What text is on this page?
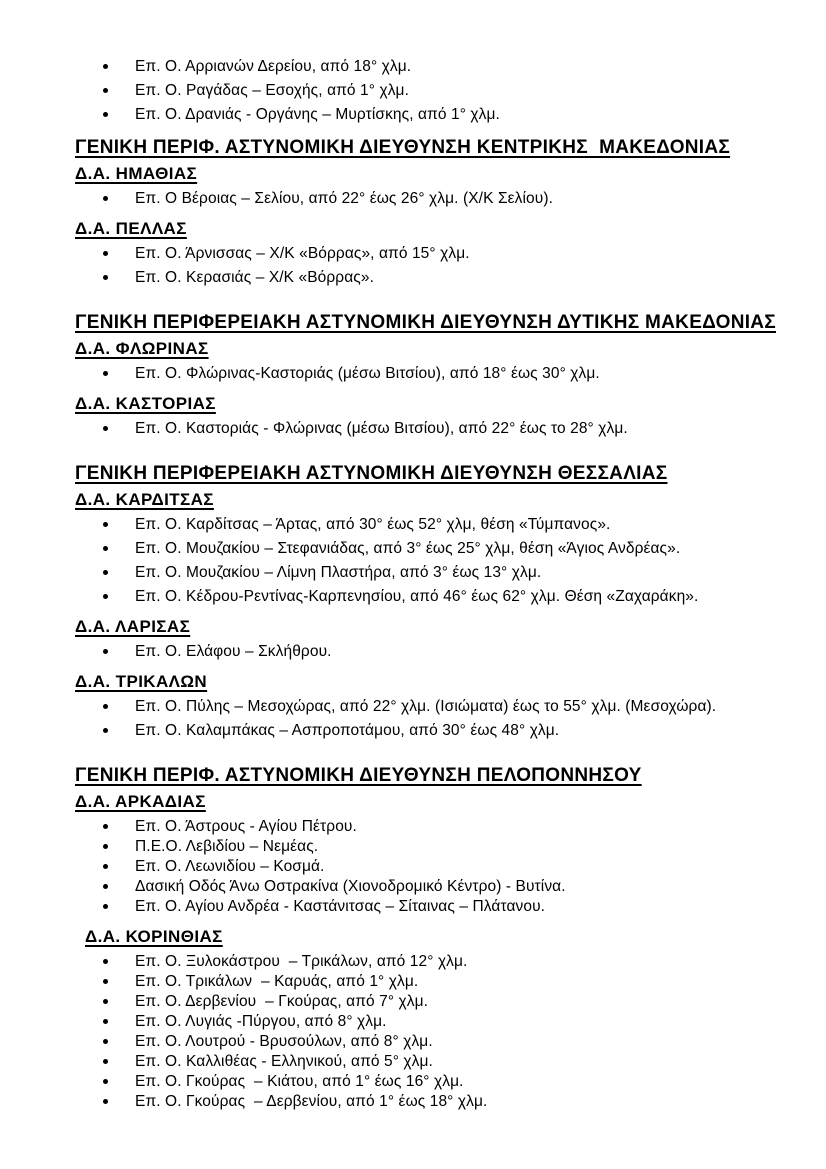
Επ. Ο. Αρριανών Δερείου, από 18° χλμ.
Επ. Ο. Ραγάδας – Εσοχής, από 1° χλμ.
Επ. Ο. Δρανιάς - Οργάνης – Μυρτίσκης, από 1° χλμ.
ΓΕΝΙΚΗ ΠΕΡΙΦ. ΑΣΤΥΝΟΜΙΚΗ ΔΙΕΥΘΥΝΣΗ ΚΕΝΤΡΙΚΗΣ  ΜΑΚΕΔΟΝΙΑΣ
Δ.Α. ΗΜΑΘΙΑΣ
Επ. Ο Βέροιας – Σελίου, από 22° έως 26° χλμ. (Χ/Κ Σελίου).
Δ.Α. ΠΕΛΛΑΣ
Επ. Ο. Άρνισσας – Χ/Κ «Βόρρας», από 15° χλμ.
Επ. Ο. Κερασιάς – Χ/Κ «Βόρρας».
ΓΕΝΙΚΗ ΠΕΡΙΦΕΡΕΙΑΚΗ ΑΣΤΥΝΟΜΙΚΗ ΔΙΕΥΘΥΝΣΗ ΔΥΤΙΚΗΣ ΜΑΚΕΔΟΝΙΑΣ
Δ.Α. ΦΛΩΡΙΝΑΣ
Επ. Ο. Φλώρινας-Καστοριάς (μέσω Βιτσίου), από 18° έως 30° χλμ.
Δ.Α. ΚΑΣΤΟΡΙΑΣ
Επ. Ο. Καστοριάς - Φλώρινας (μέσω Βιτσίου), από 22° έως το 28° χλμ.
ΓΕΝΙΚΗ ΠΕΡΙΦΕΡΕΙΑΚΗ ΑΣΤΥΝΟΜΙΚΗ ΔΙΕΥΘΥΝΣΗ ΘΕΣΣΑΛΙΑΣ
Δ.Α. ΚΑΡΔΙΤΣΑΣ
Επ. Ο. Καρδίτσας – Άρτας, από 30° έως 52° χλμ, θέση «Τύμπανος».
Επ. Ο. Μουζακίου – Στεφανιάδας, από 3° έως 25° χλμ, θέση «Άγιος Ανδρέας».
Επ. Ο. Μουζακίου – Λίμνη Πλαστήρα, από 3° έως 13° χλμ.
Επ. Ο. Κέδρου-Ρεντίνας-Καρπενησίου, από 46° έως 62° χλμ. Θέση «Ζαχαράκη».
Δ.Α. ΛΑΡΙΣΑΣ
Επ. Ο. Ελάφου – Σκλήθρου.
Δ.Α. ΤΡΙΚΑΛΩΝ
Επ. Ο. Πύλης – Μεσοχώρας, από 22° χλμ. (Ισιώματα) έως το 55° χλμ. (Μεσοχώρα).
Επ. Ο. Καλαμπάκας – Ασπροποτάμου, από 30° έως 48° χλμ.
ΓΕΝΙΚΗ ΠΕΡΙΦ. ΑΣΤΥΝΟΜΙΚΗ ΔΙΕΥΘΥΝΣΗ ΠΕΛΟΠΟΝΝΗΣΟΥ
Δ.Α. ΑΡΚΑΔΙΑΣ
Επ. Ο. Άστρους - Αγίου Πέτρου.
Π.Ε.Ο. Λεβιδίου – Νεμέας.
Επ. Ο. Λεωνιδίου – Κοσμά.
Δασική Οδός Άνω Οστρακίνα (Χιονοδρομικό Κέντρο) - Βυτίνα.
Επ. Ο. Αγίου Ανδρέα - Καστάνιτσας – Σίταινας – Πλάτανου.
Δ.Α. ΚΟΡΙΝΘΙΑΣ
Επ. Ο. Ξυλοκάστρου  – Τρικάλων, από 12° χλμ.
Επ. Ο. Τρικάλων  – Καρυάς, από 1° χλμ.
Επ. Ο. Δερβενίου  – Γκούρας, από 7° χλμ.
Επ. Ο. Λυγιάς -Πύργου, από 8° χλμ.
Επ. Ο. Λουτρού - Βρυσούλων, από 8° χλμ.
Επ. Ο. Καλλιθέας - Ελληνικού, από 5° χλμ.
Επ. Ο. Γκούρας  – Κιάτου, από 1° έως 16° χλμ.
Επ. Ο. Γκούρας  – Δερβενίου, από 1° έως 18° χλμ.
